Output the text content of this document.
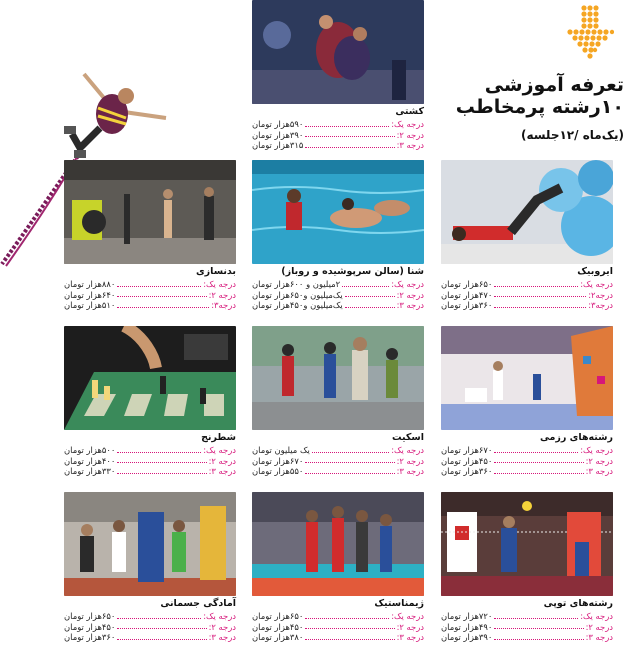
تعرفه آموزشی
۱۰رشته پرمخاطب
(یک‌ماه /۱۲جلسه)
کشتی
درجه یک:
۵۹۰هزار تومان
درجه ۲:
۳۹۰هزار تومان
درجه ۳:
۳۱۵هزار تومان
بدنسازی
درجه یک:
۸۸۰هزار تومان
درجه ۲:
۶۴۰هزار تومان
درجه۳:
۵۱۰هزار تومان
شنا (سالن سرپوشیده و روباز)
درجه یک:
۲میلیون و ۶۰۰هزار تومان
درجه ۲:
یک‌میلیون و۶۵۰هزار تومان
درجه ۳:
یک‌میلیون و۴۵۰هزار تومان
ایروبیک
درجه یک:
۶۵۰هزار تومان
درجه۲:
۴۷۰هزار تومان
درجه۳:
۳۶۰هزار تومان
شطرنج
درجه یک:
۵۰۰هزار تومان
درجه ۲:
۴۰۰هزار تومان
درجه ۳:
۳۳۰هزار تومان
اسکیت
درجه یک:
یک میلیون تومان
درجه ۲:
۶۷۰هزار تومان
درجه ۳:
۵۵۰هزار تومان
رشته‌های رزمی
درجه یک:
۶۷۰هزار تومان
درجه ۲:
۴۵۰هزار تومان
درجه ۳:
۳۶۰هزار تومان
آمادگی جسمانی
درجه یک:
۶۵۰هزار تومان
درجه ۲:
۴۵۰هزار تومان
درجه ۳:
۳۶۰هزار تومان
ژیمناستیک
درجه یک:
۶۵۰هزار تومان
درجه ۲:
۴۵۰هزار تومان
درجه ۳:
۳۸۰هزار تومان
رشته‌های توپی
درجه یک:
۷۲۰هزار تومان
درجه ۲:
۴۹۰هزار تومان
درجه ۳:
۳۹۰هزار تومان
